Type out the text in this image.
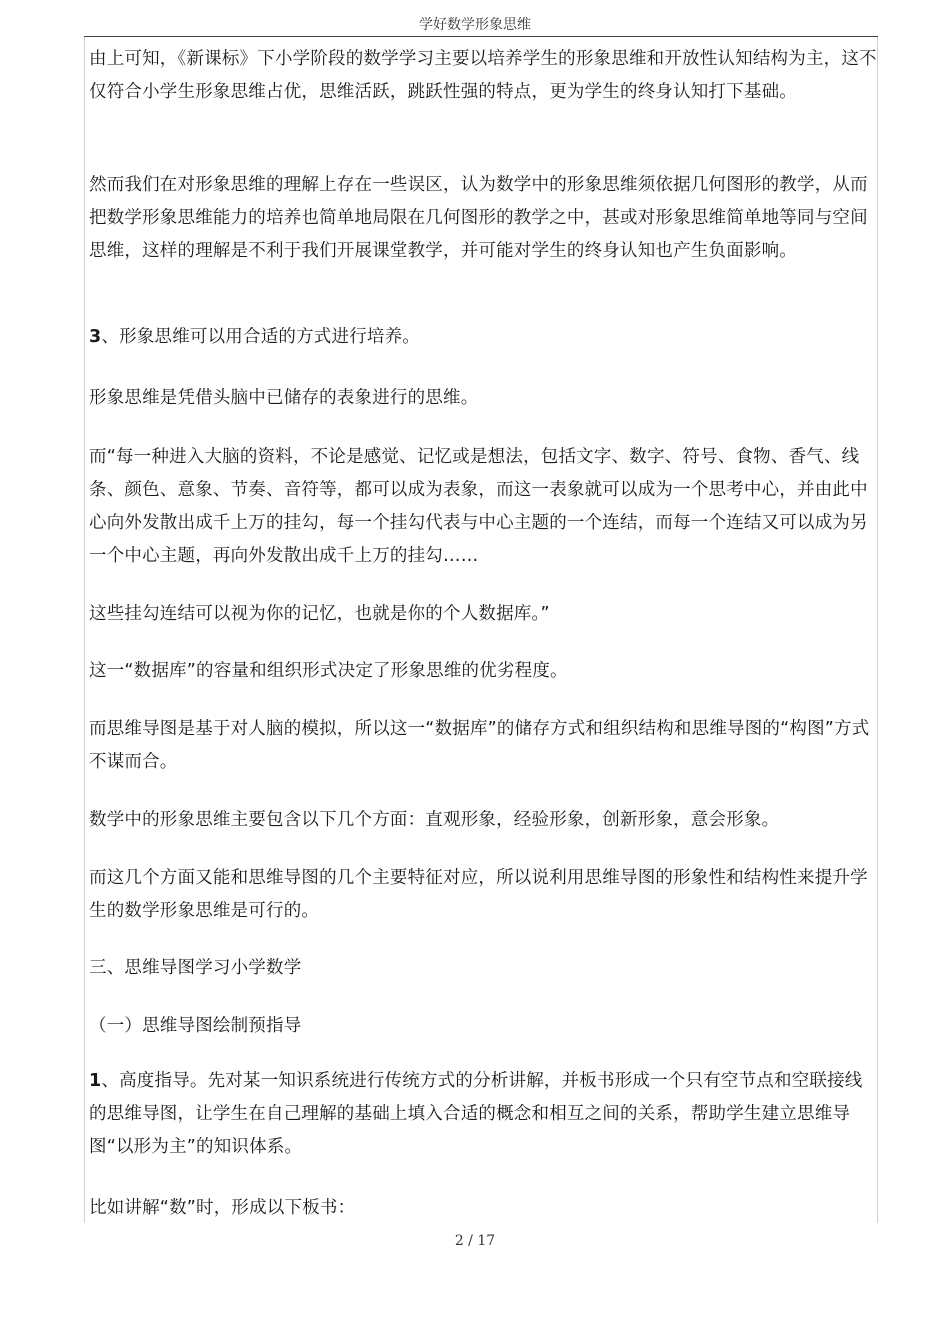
学好数学形象思维

由上可知，《新课标》下小学阶段的数学学习主要以培养学生的形象思维和开放性认知结构为主，这不仅符合小学生形象思维占优，思维活跃，跳跃性强的特点，更为学生的终身认知打下基础。

然而我们在对形象思维的理解上存在一些误区，认为数学中的形象思维须依据几何图形的教学，从而把数学形象思维能力的培养也简单地局限在几何图形的教学之中，甚或对形象思维简单地等同与空间思维，这样的理解是不利于我们开展课堂教学，并可能对学生的终身认知也产生负面影响。

3、形象思维可以用合适的方式进行培养。

形象思维是凭借头脑中已储存的表象进行的思维。

而“每一种进入大脑的资料，不论是感觉、记忆或是想法，包括文字、数字、符号、食物、香气、线条、颜色、意象、节奏、音符等，都可以成为表象，而这一表象就可以成为一个思考中心，并由此中心向外发散出成千上万的挂勾，每一个挂勾代表与中心主题的一个连结，而每一个连结又可以成为另一个中心主题，再向外发散出成千上万的挂勾……

这些挂勾连结可以视为你的记忆，也就是你的个人数据库。”

这一“数据库”的容量和组织形式决定了形象思维的优劣程度。

而思维导图是基于对人脑的模拟，所以这一“数据库”的储存方式和组织结构和思维导图的“构图”方式不谋而合。

数学中的形象思维主要包含以下几个方面：直观形象，经验形象，创新形象，意会形象。

而这几个方面又能和思维导图的几个主要特征对应，所以说利用思维导图的形象性和结构性来提升学生的数学形象思维是可行的。

三、思维导图学习小学数学

（一）思维导图绘制预指导

1、高度指导。先对某一知识系统进行传统方式的分析讲解，并板书形成一个只有空节点和空联接线的思维导图，让学生在自己理解的基础上填入合适的概念和相互之间的关系，帮助学生建立思维导图“以形为主”的知识体系。

比如讲解“数”时，形成以下板书：

2 / 17
